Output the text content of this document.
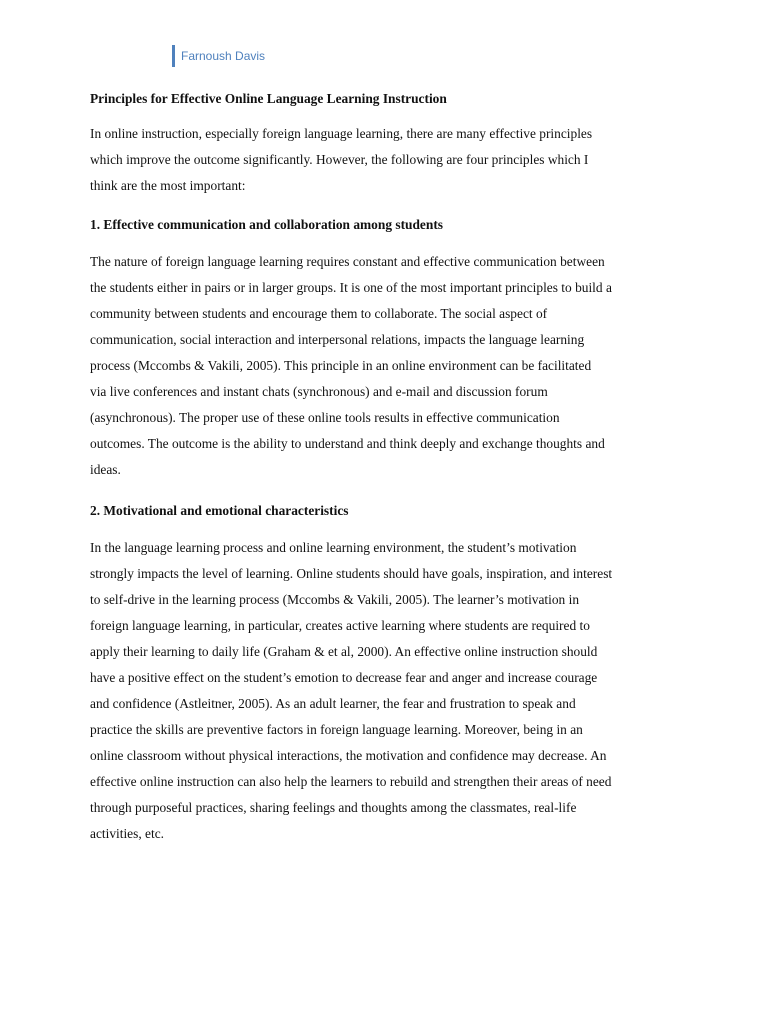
Farnoush Davis

Principles for Effective Online Language Learning Instruction

In online instruction, especially foreign language learning, there are many effective principles
which improve the outcome significantly. However, the following are four principles which I
think are the most important:

1. Effective communication and collaboration among students

The nature of foreign language learning requires constant and effective communication between
the students either in pairs or in larger groups. It is one of the most important principles to build a
community between students and encourage them to collaborate. The social aspect of
communication, social interaction and interpersonal relations, impacts the language learning
process (Mccombs & Vakili, 2005). This principle in an online environment can be facilitated
via live conferences and instant chats (synchronous) and e-mail and discussion forum
(asynchronous). The proper use of these online tools results in effective communication
outcomes. The outcome is the ability to understand and think deeply and exchange thoughts and
ideas.

2. Motivational and emotional characteristics

In the language learning process and online learning environment, the student’s motivation
strongly impacts the level of learning. Online students should have goals, inspiration, and interest
to self-drive in the learning process (Mccombs & Vakili, 2005). The learner’s motivation in
foreign language learning, in particular, creates active learning where students are required to
apply their learning to daily life (Graham & et al, 2000). An effective online instruction should
have a positive effect on the student’s emotion to decrease fear and anger and increase courage
and confidence (Astleitner, 2005). As an adult learner, the fear and frustration to speak and
practice the skills are preventive factors in foreign language learning. Moreover, being in an
online classroom without physical interactions, the motivation and confidence may decrease. An
effective online instruction can also help the learners to rebuild and strengthen their areas of need
through purposeful practices, sharing feelings and thoughts among the classmates, real-life
activities, etc.
